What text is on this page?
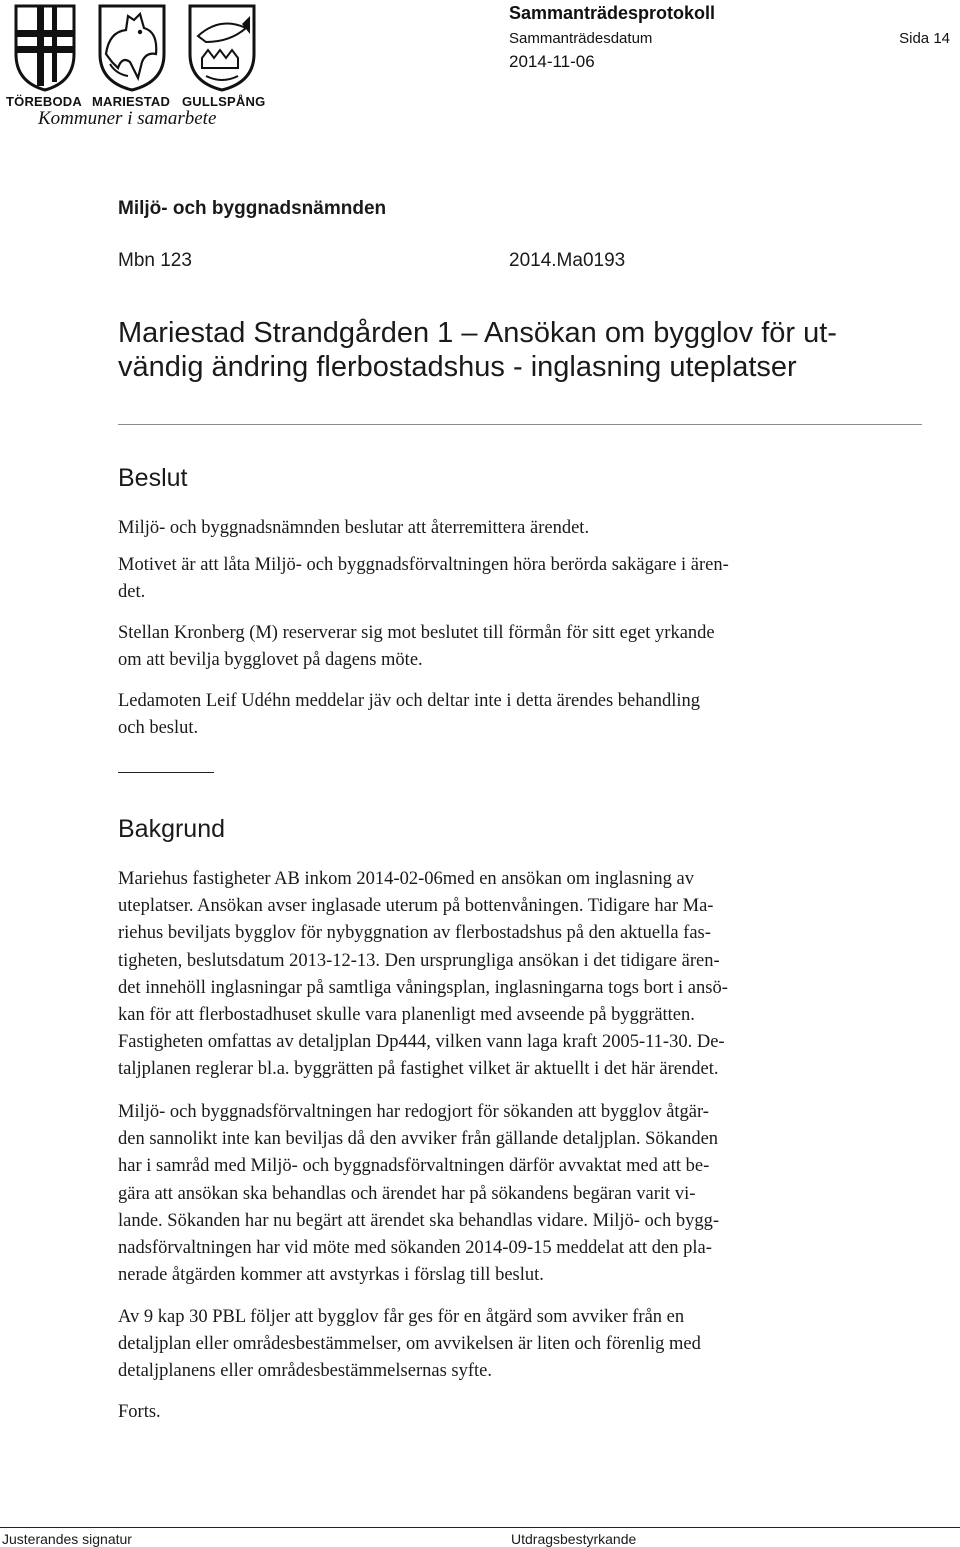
TÖREBODA MARIESTAD GULLSPÅNG
Kommuner i samarbete
Sammanträdesprotokoll
Sammanträdesdatum	Sida 14
2014-11-06
Miljö- och byggnadsnämnden
Mbn 123	2014.Ma0193
Mariestad Strandgården 1 – Ansökan om bygglov för ut-
vändig ändring flerbostadshus - inglasning uteplatser
Beslut

Miljö- och byggnadsnämnden beslutar att återremittera ärendet.

Motivet är att låta Miljö- och byggnadsförvaltningen höra berörda sakägare i ären-
det.

Stellan Kronberg (M) reserverar sig mot beslutet till förmån för sitt eget yrkande
om att bevilja bygglovet på dagens möte.

Ledamoten Leif Udéhn meddelar jäv och deltar inte i detta ärendes behandling
och beslut.

Bakgrund

Mariehus fastigheter AB inkom 2014-02-06med en ansökan om inglasning av
uteplatser. Ansökan avser inglasade uterum på bottenvåningen. Tidigare har Ma-
riehus beviljats bygglov för nybyggnation av flerbostadshus på den aktuella fas-
tigheten, beslutsdatum 2013-12-13. Den ursprungliga ansökan i det tidigare ären-
det innehöll inglasningar på samtliga våningsplan, inglasningarna togs bort i ansö-
kan för att flerbostadhuset skulle vara planenligt med avseende på byggrätten.
Fastigheten omfattas av detaljplan Dp444, vilken vann laga kraft 2005-11-30. De-
taljplanen reglerar bl.a. byggrätten på fastighet vilket är aktuellt i det här ärendet.

Miljö- och byggnadsförvaltningen har redogjort för sökanden att bygglov åtgär-
den sannolikt inte kan beviljas då den avviker från gällande detaljplan. Sökanden
har i samråd med Miljö- och byggnadsförvaltningen därför avvaktat med att be-
gära att ansökan ska behandlas och ärendet har på sökandens begäran varit vi-
lande. Sökanden har nu begärt att ärendet ska behandlas vidare. Miljö- och bygg-
nadsförvaltningen har vid möte med sökanden 2014-09-15 meddelat att den pla-
nerade åtgärden kommer att avstyrkas i förslag till beslut.

Av 9 kap 30 PBL följer att bygglov får ges för en åtgärd som avviker från en
detaljplan eller områdesbestämmelser, om avvikelsen är liten och förenlig med
detaljplanens eller områdesbestämmelsernas syfte.

Forts.

Justerandes signatur	Utdragsbestyrkande
